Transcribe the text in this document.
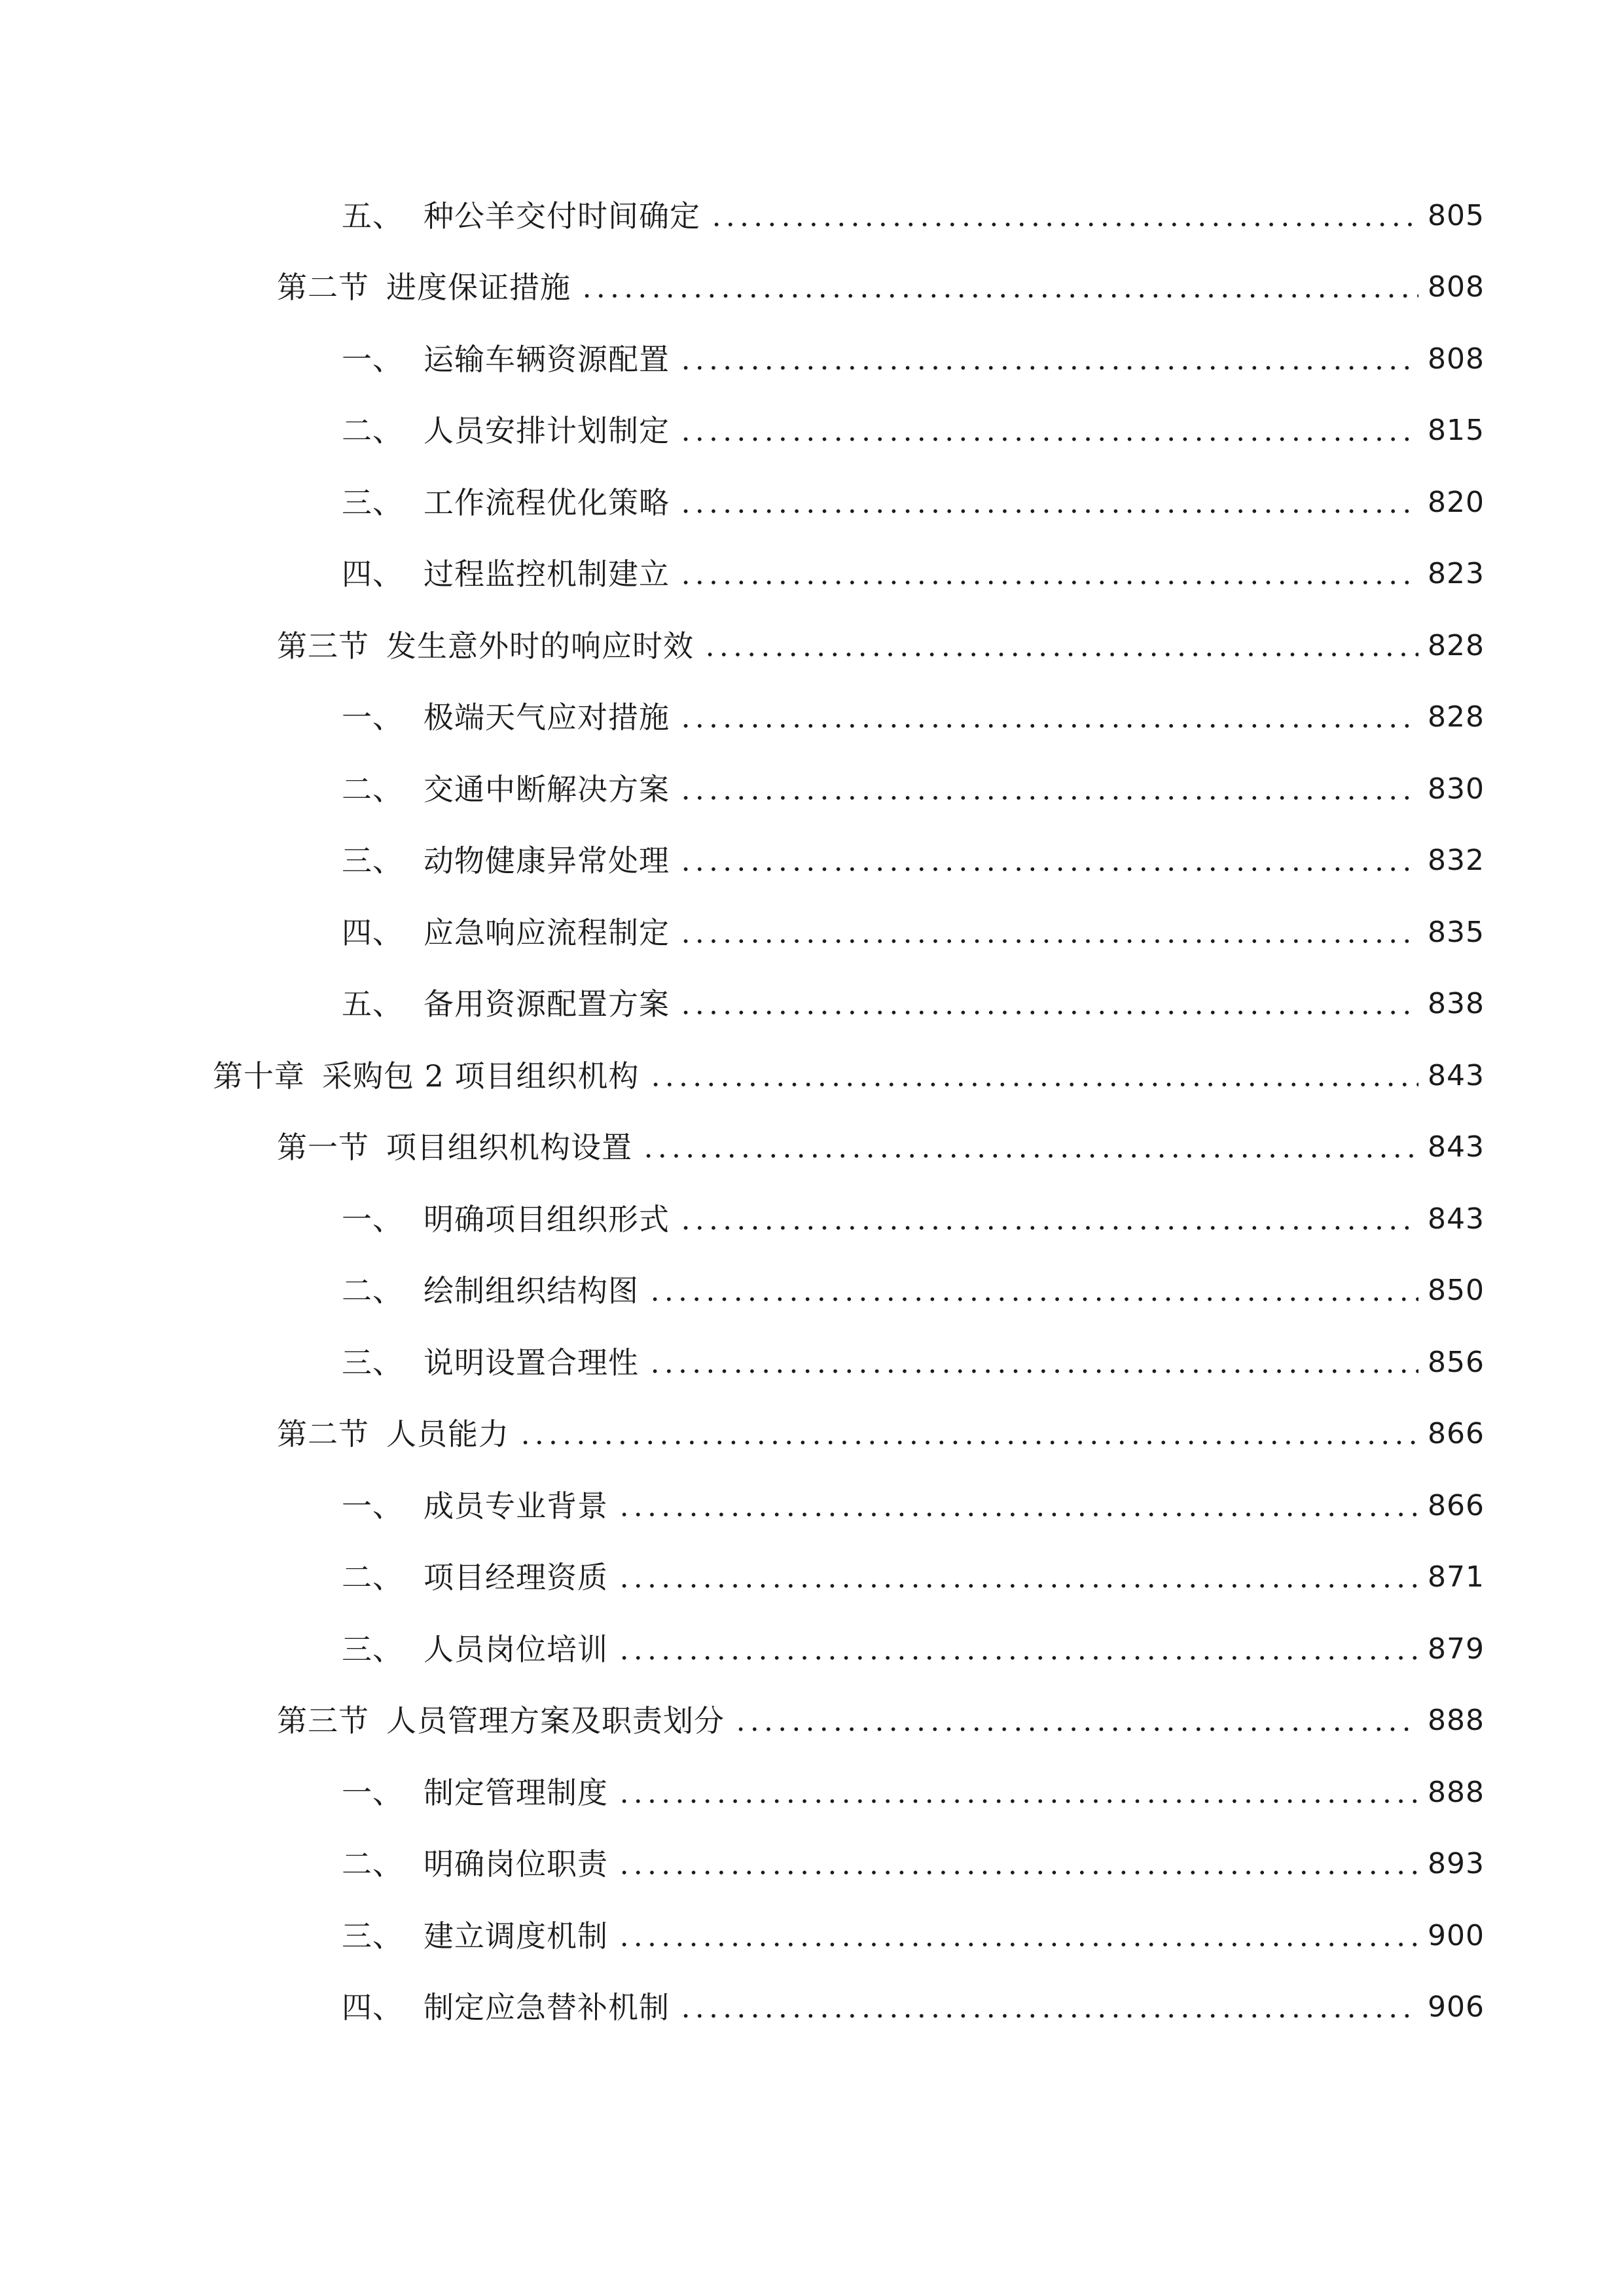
五、 种公羊交付时间确定	805
第二节 进度保证措施	808
一、 运输车辆资源配置	808
二、 人员安排计划制定	815
三、 工作流程优化策略	820
四、 过程监控机制建立	823
第三节 发生意外时的响应时效	828
一、 极端天气应对措施	828
二、 交通中断解决方案	830
三、 动物健康异常处理	832
四、 应急响应流程制定	835
五、 备用资源配置方案	838
第十章 采购包 2 项目组织机构	843
第一节 项目组织机构设置	843
一、 明确项目组织形式	843
二、 绘制组织结构图	850
三、 说明设置合理性	856
第二节 人员能力	866
一、 成员专业背景	866
二、 项目经理资质	871
三、 人员岗位培训	879
第三节 人员管理方案及职责划分	888
一、 制定管理制度	888
二、 明确岗位职责	893
三、 建立调度机制	900
四、 制定应急替补机制	906
